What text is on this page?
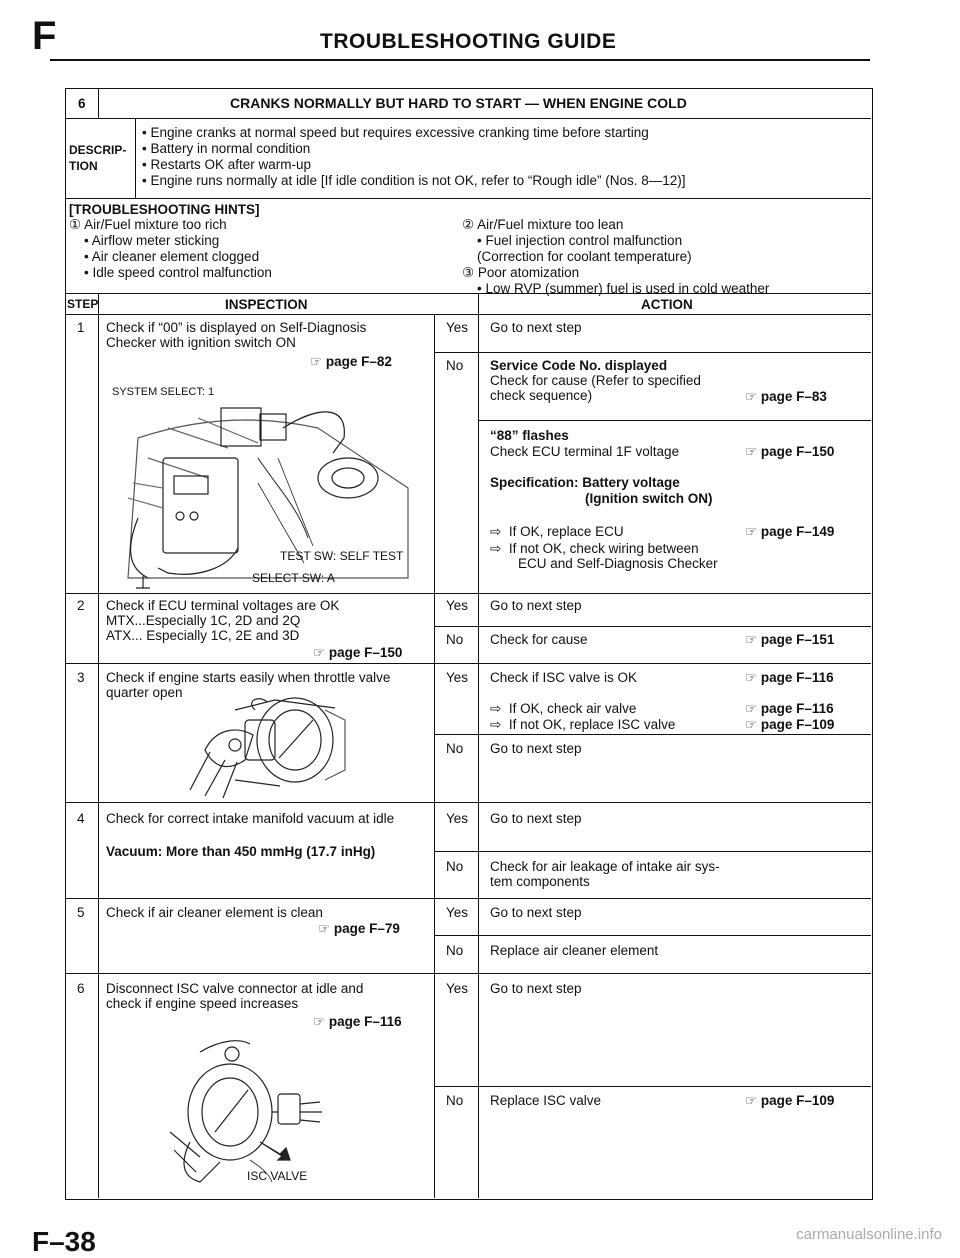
F	TROUBLESHOOTING GUIDE
6	CRANKS NORMALLY BUT HARD TO START — WHEN ENGINE COLD
DESCRIP-
TION
• Engine cranks at normal speed but requires excessive cranking time before starting
• Battery in normal condition
• Restarts OK after warm-up
• Engine runs normally at idle [If idle condition is not OK, refer to “Rough idle” (Nos. 8—12)]
[TROUBLESHOOTING HINTS]
① Air/Fuel mixture too rich
• Airflow meter sticking
• Air cleaner element clogged
• Idle speed control malfunction
② Air/Fuel mixture too lean
• Fuel injection control malfunction
(Correction for coolant temperature)
③ Poor atomization
• Low RVP (summer) fuel is used in cold weather
STEP	INSPECTION	ACTION
1 Check if “00” is displayed on Self-Diagnosis
Checker with ignition switch ON
☞ page F–82
SYSTEM SELECT: 1
TEST SW: SELF TEST
SELECT SW: A
Yes Go to next step
No Service Code No. displayed
Check for cause (Refer to specified
check sequence)	☞ page F–83
“88” flashes
Check ECU terminal 1F voltage	☞ page F–150
Specification: Battery voltage
(Ignition switch ON)
⇨  If OK, replace ECU	☞ page F–149
⇨  If not OK, check wiring between
ECU and Self-Diagnosis Checker
2 Check if ECU terminal voltages are OK
MTX...Especially 1C, 2D and 2Q
ATX... Especially 1C, 2E and 3D
☞ page F–150
Yes Go to next step
No Check for cause	☞ page F–151
3 Check if engine starts easily when throttle valve
quarter open
Yes Check if ISC valve is OK	☞ page F–116
⇨  If OK, check air valve	☞ page F–116
⇨  If not OK, replace ISC valve	☞ page F–109
No Go to next step
4 Check for correct intake manifold vacuum at idle
Vacuum: More than 450 mmHg (17.7 inHg)
Yes Go to next step
No Check for air leakage of intake air sys-
tem components
5 Check if air cleaner element is clean
☞ page F–79
Yes Go to next step
No Replace air cleaner element
6 Disconnect ISC valve connector at idle and
check if engine speed increases
☞ page F–116
ISC VALVE
Yes Go to next step
No Replace ISC valve	☞ page F–109
F–38	carmanualsonline.info
